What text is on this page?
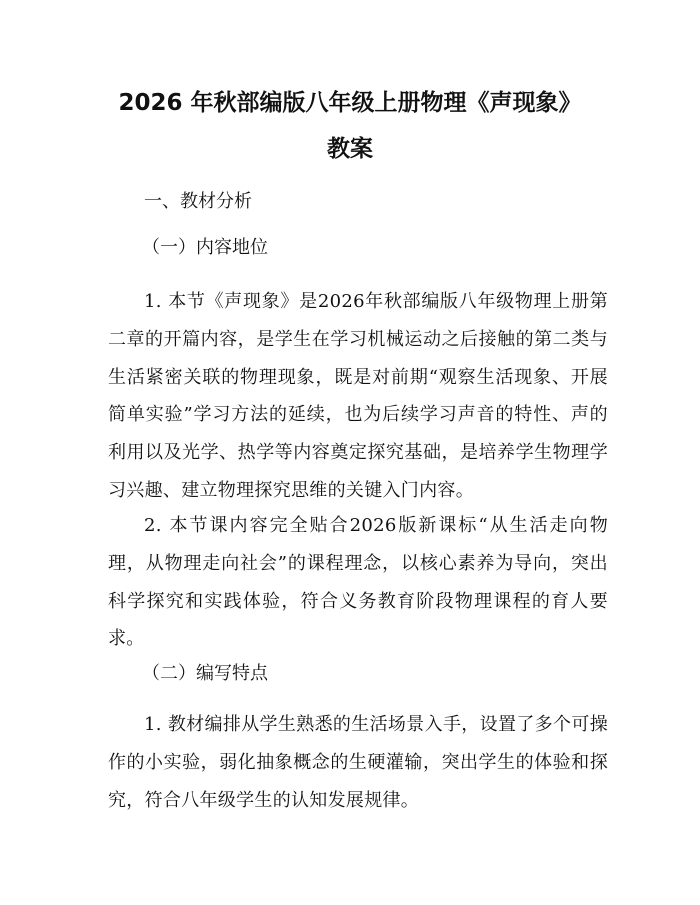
2026 年秋部编版八年级上册物理《声现象》
教案
一、教材分析
（一）内容地位
1. 本节《声现象》是2026年秋部编版八年级物理上册第二章的开篇内容，是学生在学习机械运动之后接触的第二类与生活紧密关联的物理现象，既是对前期“观察生活现象、开展简单实验”学习方法的延续，也为后续学习声音的特性、声的利用以及光学、热学等内容奠定探究基础，是培养学生物理学习兴趣、建立物理探究思维的关键入门内容。
2. 本节课内容完全贴合2026版新课标“从生活走向物理，从物理走向社会”的课程理念，以核心素养为导向，突出科学探究和实践体验，符合义务教育阶段物理课程的育人要求。
（二）编写特点
1. 教材编排从学生熟悉的生活场景入手，设置了多个可操作的小实验，弱化抽象概念的生硬灌输，突出学生的体验和探究，符合八年级学生的认知发展规律。
